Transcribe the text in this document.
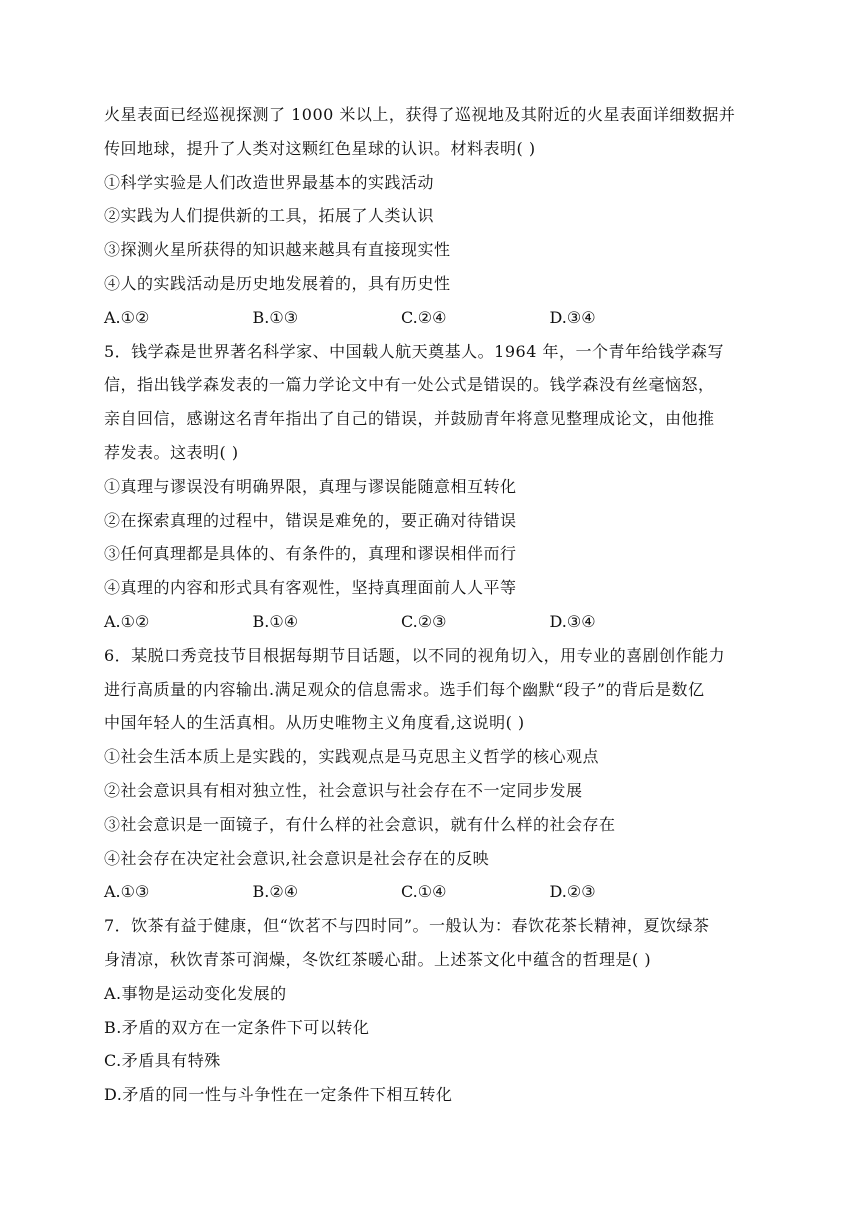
火星表面已经巡视探测了 1000 米以上，获得了巡视地及其附近的火星表面详细数据并
传回地球，提升了人类对这颗红色星球的认识。材料表明( )
①科学实验是人们改造世界最基本的实践活动
②实践为人们提供新的工具，拓展了人类认识
③探测火星所获得的知识越来越具有直接现实性
④人的实践活动是历史地发展着的，具有历史性
A.①②	B.①③	C.②④	D.③④
5．钱学森是世界著名科学家、中国载人航天奠基人。1964 年，一个青年给钱学森写
信，指出钱学森发表的一篇力学论文中有一处公式是错误的。钱学森没有丝毫恼怒，
亲自回信，感谢这名青年指出了自己的错误，并鼓励青年将意见整理成论文，由他推
荐发表。这表明( )
①真理与谬误没有明确界限，真理与谬误能随意相互转化
②在探索真理的过程中，错误是难免的，要正确对待错误
③任何真理都是具体的、有条件的，真理和谬误相伴而行
④真理的内容和形式具有客观性，坚持真理面前人人平等
A.①②	B.①④	C.②③	D.③④
6．某脱口秀竞技节目根据每期节目话题，以不同的视角切入，用专业的喜剧创作能力
进行高质量的内容输出.满足观众的信息需求。选手们每个幽默“段子”的背后是数亿
中国年轻人的生活真相。从历史唯物主义角度看,这说明( )
①社会生活本质上是实践的，实践观点是马克思主义哲学的核心观点
②社会意识具有相对独立性，社会意识与社会存在不一定同步发展
③社会意识是一面镜子，有什么样的社会意识，就有什么样的社会存在
④社会存在决定社会意识,社会意识是社会存在的反映
A.①③	B.②④	C.①④	D.②③
7．饮茶有益于健康，但“饮茗不与四时同”。一般认为：春饮花茶长精神，夏饮绿茶
身清凉，秋饮青茶可润燥，冬饮红茶暖心甜。上述茶文化中蕴含的哲理是( )
A.事物是运动变化发展的
B.矛盾的双方在一定条件下可以转化
C.矛盾具有特殊
D.矛盾的同一性与斗争性在一定条件下相互转化
